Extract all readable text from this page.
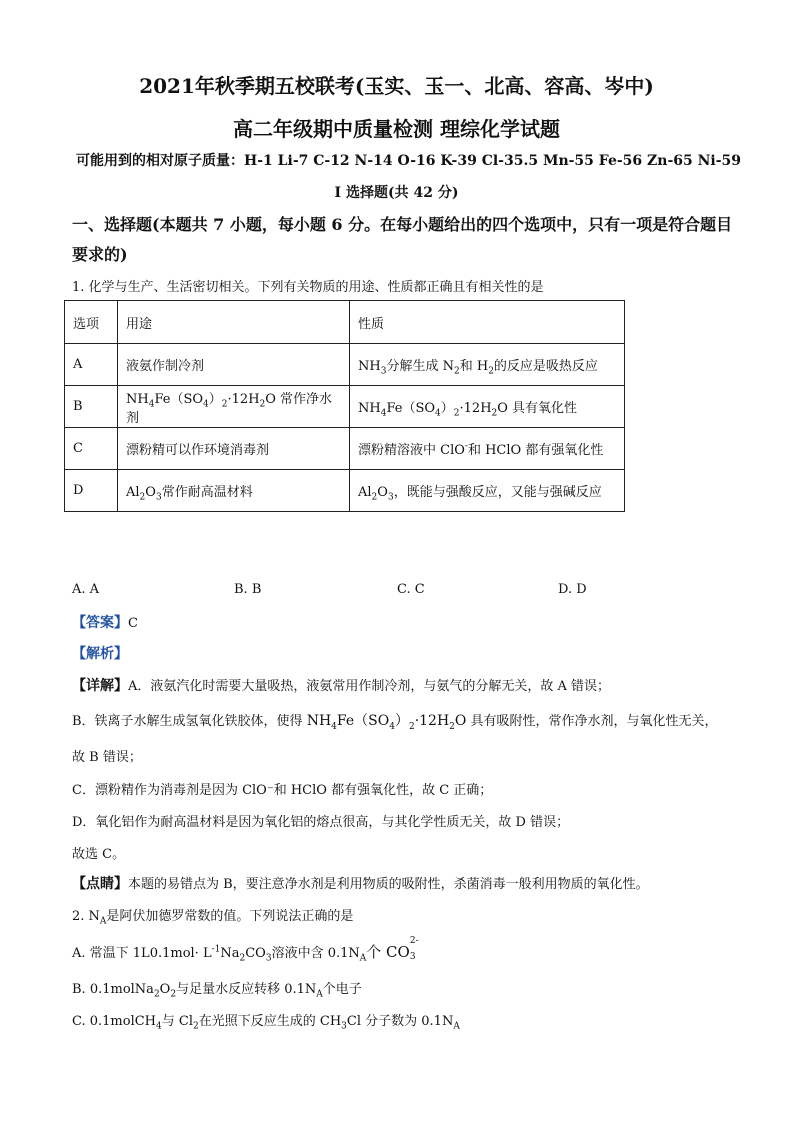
2021年秋季期五校联考(玉实、玉一、北高、容高、岑中)
高二年级期中质量检测 理综化学试题
可能用到的相对原子质量：H-1 Li-7 C-12 N-14 O-16 K-39 Cl-35.5 Mn-55 Fe-56 Zn-65 Ni-59
I 选择题(共 42 分)
一、选择题(本题共 7 小题，每小题 6 分。在每小题给出的四个选项中，只有一项是符合题目
要求的)
1. 化学与生产、生活密切相关。下列有关物质的用途、性质都正确且有相关性的是
选项	用途	性质
A	液氨作制冷剂	$NH_3$分解生成 $N_2$和 $H_2$的反应是吸热反应
B	$NH_4Fe(SO_4)_2\cdot 12H_2O$ 常作净水剂	$NH_4Fe(SO_4)_2\cdot 12H_2O$ 具有氧化性
C	漂粉精可以作环境消毒剂	漂粉精溶液中 ClO-和 HClO 都有强氧化性
D	$Al_2O_3$常作耐高温材料	$Al_2O_3$，既能与强酸反应，又能与强碱反应
A. A	B. B	C. C	D. D
【答案】C
【解析】
【详解】A．液氨汽化时需要大量吸热，液氨常用作制冷剂，与氨气的分解无关，故 A 错误；
B．铁离子水解生成氢氧化铁胶体，使得 $NH_4Fe(SO_4)_2\cdot 12H_2O$ 具有吸附性，常作净水剂，与氧化性无关，
故 B 错误；
C．漂粉精作为消毒剂是因为 ClO⁻和 HClO 都有强氧化性，故 C 正确；
D．氧化铝作为耐高温材料是因为氧化铝的熔点很高，与其化学性质无关，故 D 错误；
故选 C。
【点睛】本题的易错点为 B，要注意净水剂是利用物质的吸附性，杀菌消毒一般利用物质的氧化性。
2. $N_A$是阿伏加德罗常数的值。下列说法正确的是
A. 常温下 $1L0.1mol\cdot L^{-1}Na_2CO_3$溶液中含 $0.1N_A$个 CO
2-
3
B. $0.1molNa_2O_2$与足量水反应转移 $0.1N_A$个电子
C. 0.1molCH$_4$与 $Cl_2$在光照下反应生成的 $CH_3Cl$ 分子数为 $0.1N_A$
